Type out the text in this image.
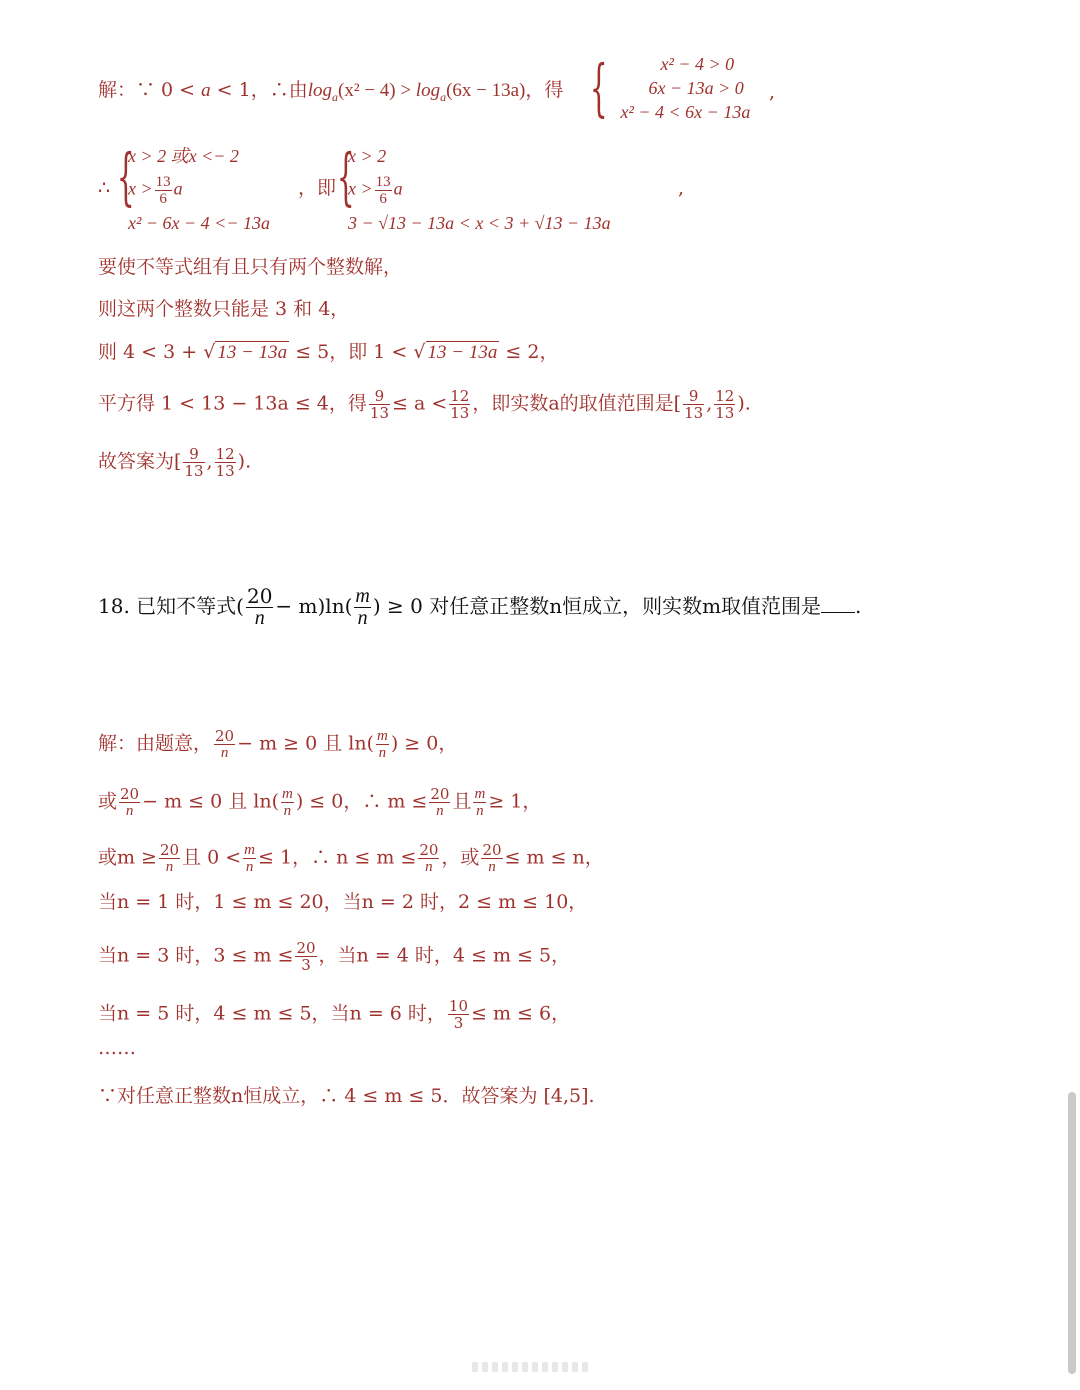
解：∵ 0 < a < 1，∴由$\log_a(x^2 - 4) > \log_a(6x - 13a)$，得 {	x² − 4 > 0
6x − 13a > 0
x² − 4 < 6x − 13a
,
∴ {
x > 2 或x <− 2
$x > \frac{13}{6}$ a
x² − 6x − 4 <− 13a
，即 {
x > 2
$x > \frac{13}{6}$ a
3 − √13 − 13a < x < 3 + √13 − 13a
,
要使不等式组有且只有两个整数解，
则这两个整数只能是 3 和 4，
则 4 < 3 + √ 13 − 13a ≤ 5，即 1 < √ 13 − 13a ≤ 2，
平方得 1 < 13 − 13a ≤ 4，得 $\frac{9}{13} \le a < \frac{12}{13}$ ，即实数a的取值范围是[ $\frac{9}{13}$ , $\frac{12}{13}$ ).
故答案为[ $\frac{9}{13}$ , $\frac{12}{13}$ ).
18. 已知不等式( $\frac{20}{n} - m)\ln( \frac{m}{n}$ ) ≥ 0 对任意正整数n恒成立，则实数m取值范围是 .
解：由题意， $\frac{20}{n} - m \ge 0$ 且 $\ln( \frac{m}{n}$ ) ≥ 0，
或 $\frac{20}{n} - m \le 0$ 且 $\ln( \frac{m}{n}$ ) ≤ 0，∴ $m \le \frac{20}{n}$ 且 $\frac{m}{n} \ge 1$，
或$m \ge \frac{20}{n}$ 且 $0 < \frac{m}{n} \le 1$，∴ $n \le m \le \frac{20}{n}$ ，或 $\frac{20}{n} \le m \le n$，
当n = 1 时，1 ≤ m ≤ 20，当n = 2 时，2 ≤ m ≤ 10，
当n = 3 时，$3 \le m \le \frac{20}{3}$ ，当n = 4 时，4 ≤ m ≤ 5，
当n = 5 时，4 ≤ m ≤ 5，当n = 6 时， $\frac{10}{3} \le m \le 6$，
……
∵对任意正整数n恒成立，∴ 4 ≤ m ≤ 5．故答案为 [4,5].
